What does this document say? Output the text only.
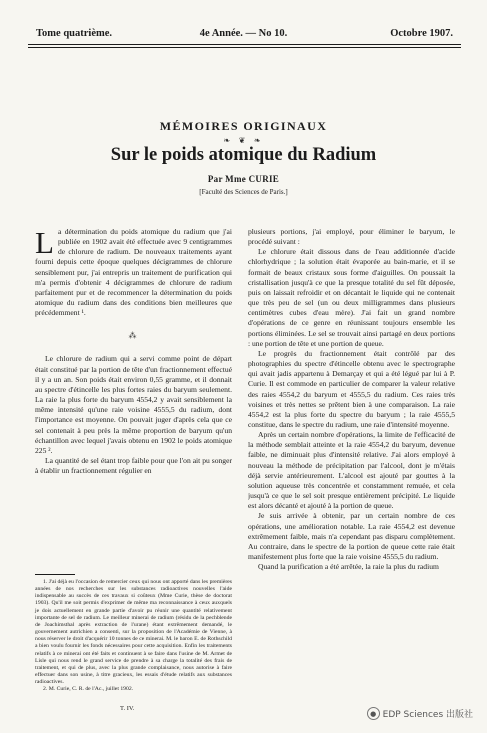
Tome quatrième.	4e Année. — No 10.	Octobre 1907.
MÉMOIRES ORIGINAUX
❧ ❦ ❧
Sur le poids atomique du Radium
Par Mme CURIE
[Faculté des Sciences de Paris.]

La détermination du poids atomique du radium que j'ai publiée en 1902 avait été effectuée avec 9 centigrammes de chlorure de radium. De nouveaux traitements ayant fourni depuis cette époque quelques décigrammes de chlorure sensiblement pur, j'ai entrepris un traitement de purification qui m'a permis d'obtenir 4 décigrammes de chlorure de radium parfaitement pur et de recommencer la détermination du poids atomique du radium dans des conditions bien meilleures que précédemment ¹.

⁂

Le chlorure de radium qui a servi comme point de départ était constitué par la portion de tête d'un fractionnement effectué il y a un an. Son poids était environ 0,55 gramme, et il donnait au spectre d'étincelle les plus fortes raies du baryum seulement. La raie la plus forte du baryum 4554,2 y avait sensiblement la même intensité qu'une raie voisine 4555,5 du radium, dont l'importance est moyenne. On pouvait juger d'après cela que ce sel contenait à peu près la même proportion de baryum qu'un échantillon avec lequel j'avais obtenu en 1902 le poids atomique 225 ².

La quantité de sel étant trop faible pour que l'on ait pu songer à établir un fractionnement régulier en

1. J'ai déjà eu l'occasion de remercier ceux qui nous ont apporté dans les premières années de nos recherches sur les substances radioactives nouvelles l'aide indispensable au succès de ces travaux si coûteux (Mme Curie, thèse de doctorat 1903). Qu'il me soit permis d'exprimer de même ma reconnaissance à ceux auxquels je dois actuellement en grande partie d'avoir pu réunir une quantité relativement importante de sel de radium. Le meilleur minerai de radium (résidu de la pechblende de Joachimsthal après extraction de l'urane) étant extrêmement demandé, le gouvernement autrichien a consenti, sur la proposition de l'Académie de Vienne, à nous réserver le droit d'acquérir 10 tonnes de ce minerai. M. le baron E. de Rothschild a bien voulu fournir les fonds nécessaires pour cette acquisition. Enfin les traitements relatifs à ce minerai ont été faits et continuent à se faire dans l'usine de M. Armet de Lisle qui nous rend le grand service de prendre à sa charge la totalité des frais de traitement, et qui de plus, avec la plus grande complaisance, nous autorise à faire effectuer dans son usine, à titre gracieux, les essais d'étude relatifs aux substances radioactives.

2. M. Curie, C. R. de l'Ac., juillet 1902.

T. IV.

plusieurs portions, j'ai employé, pour éliminer le baryum, le procédé suivant :

Le chlorure était dissous dans de l'eau additionnée d'acide chlorhydrique ; la solution était évaporée au bain-marie, et il se formait de beaux cristaux sous forme d'aiguilles. On poussait la cristallisation jusqu'à ce que la presque totalité du sel fût déposée, puis on laissait refroidir et on décantait le liquide qui ne contenait que très peu de sel (un ou deux milligrammes dans plusieurs centimètres cubes d'eau mère). J'ai fait un grand nombre d'opérations de ce genre en réunissant toujours ensemble les portions éliminées. Le sel se trouvait ainsi partagé en deux portions : une portion de tête et une portion de queue.

Le progrès du fractionnement était contrôlé par des photographies du spectre d'étincelle obtenu avec le spectrographe qui avait jadis appartenu à Demarçay et qui a été légué par lui à P. Curie. Il est commode en particulier de comparer la valeur relative des raies 4554,2 du baryum et 4555,5 du radium. Ces raies très voisines et très nettes se prêtent bien à une comparaison. La raie 4554,2 est la plus forte du spectre du baryum ; la raie 4555,5 constitue, dans le spectre du radium, une raie d'intensité moyenne.

Après un certain nombre d'opérations, la limite de l'efficacité de la méthode semblait atteinte et la raie 4554,2 du baryum, devenue faible, ne diminuait plus d'intensité relative. J'ai alors employé à nouveau la méthode de précipitation par l'alcool, dont je m'étais déjà servie antérieurement. L'alcool est ajouté par gouttes à la solution aqueuse très concentrée et constamment remuée, et cela jusqu'à ce que le sel soit presque entièrement précipité. Le liquide est alors décanté et ajouté à la portion de queue.

Je suis arrivée à obtenir, par un certain nombre de ces opérations, une amélioration notable. La raie 4554,2 est devenue extrêmement faible, mais n'a cependant pas disparu complètement. Au contraire, dans le spectre de la portion de queue cette raie était manifestement plus forte que la raie voisine 4555,5 du radium.

Quand la purification a été arrêtée, la raie la plus du radium

● EDP Sciences 出版社
